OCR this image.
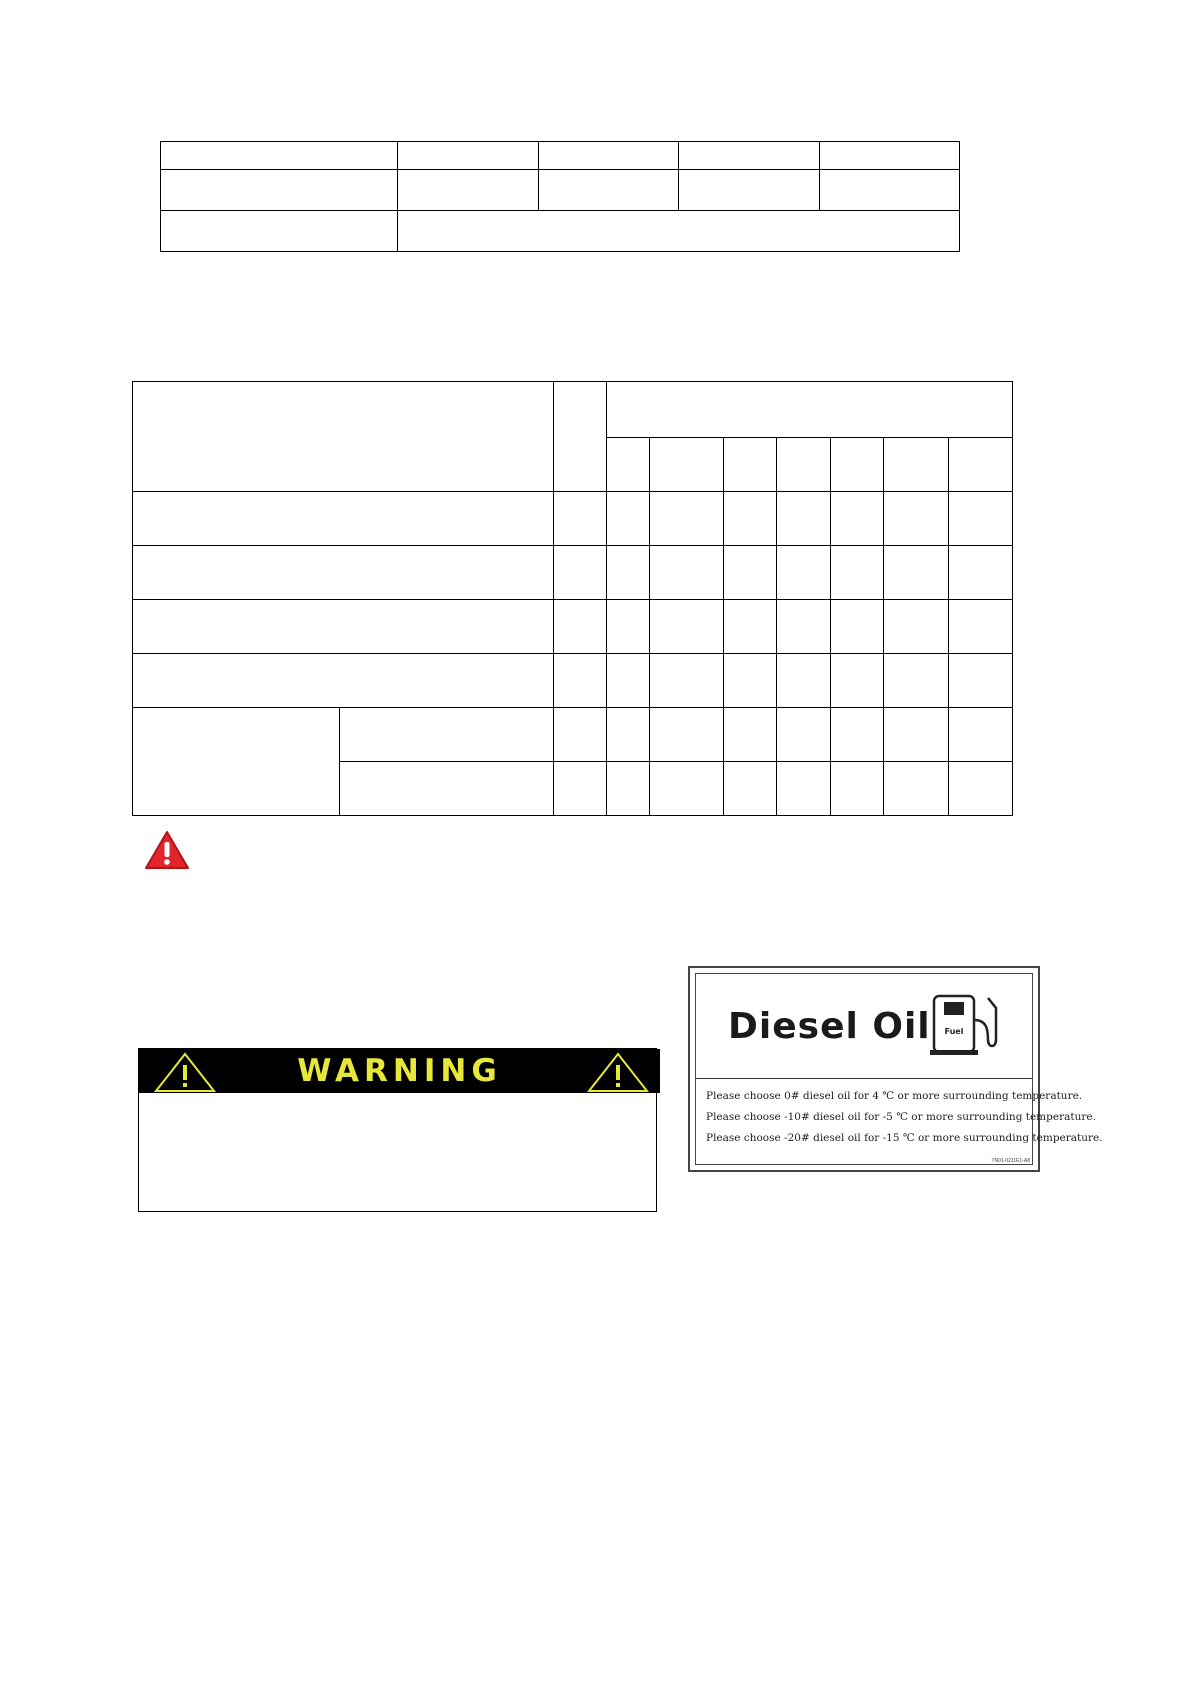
WARNING
Diesel Oil Fuel
Please choose 0# diesel oil for 4 ℃ or more surrounding temperature.
Please choose -10# diesel oil for -5 ℃ or more surrounding temperature.
Please choose -20# diesel oil for -15 ℃ or more surrounding temperature.
TN01-0211E1-A8
